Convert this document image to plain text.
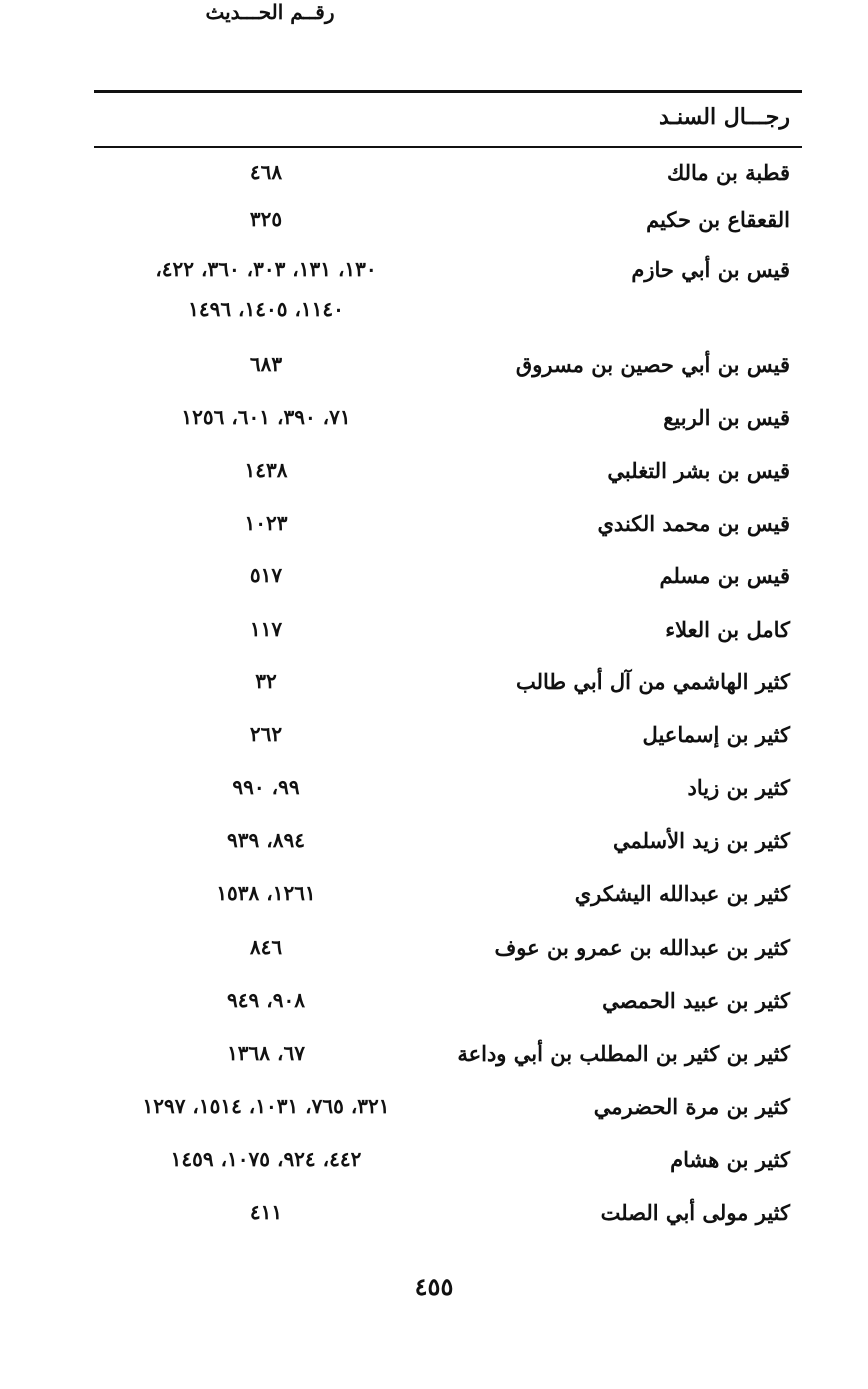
رجـــال السنـد
رقــم الحـــديث
قطبة بن مالك
٤٦٨
القعقاع بن حكيم
٣٢٥
قيس بن أبي حازم
١٣٠، ١٣١، ٣٠٣، ٣٦٠، ٤٢٢،
١١٤٠، ١٤٠٥، ١٤٩٦
قيس بن أبي حصين بن مسروق
٦٨٣
قيس بن الربيع
٧١، ٣٩٠، ٦٠١، ١٢٥٦
قيس بن بشر التغلبي
١٤٣٨
قيس بن محمد الكندي
١٠٢٣
قيس بن مسلم
٥١٧
كامل بن العلاء
١١٧
كثير الهاشمي من آل أبي طالب
٣٢
كثير بن إسماعيل
٢٦٢
كثير بن زياد
٩٩، ٩٩٠
كثير بن زيد الأسلمي
٨٩٤، ٩٣٩
كثير بن عبدالله اليشكري
١٢٦١، ١٥٣٨
كثير بن عبدالله بن عمرو بن عوف
٨٤٦
كثير بن عبيد الحمصي
٩٠٨، ٩٤٩
كثير بن كثير بن المطلب بن أبي وداعة
٦٧، ١٣٦٨
كثير بن مرة الحضرمي
٣٢١، ٧٦٥، ١٠٣١، ١٥١٤، ١٢٩٧
كثير بن هشام
٤٤٢، ٩٢٤، ١٠٧٥، ١٤٥٩
كثير مولى أبي الصلت
٤١١
٤٥٥
